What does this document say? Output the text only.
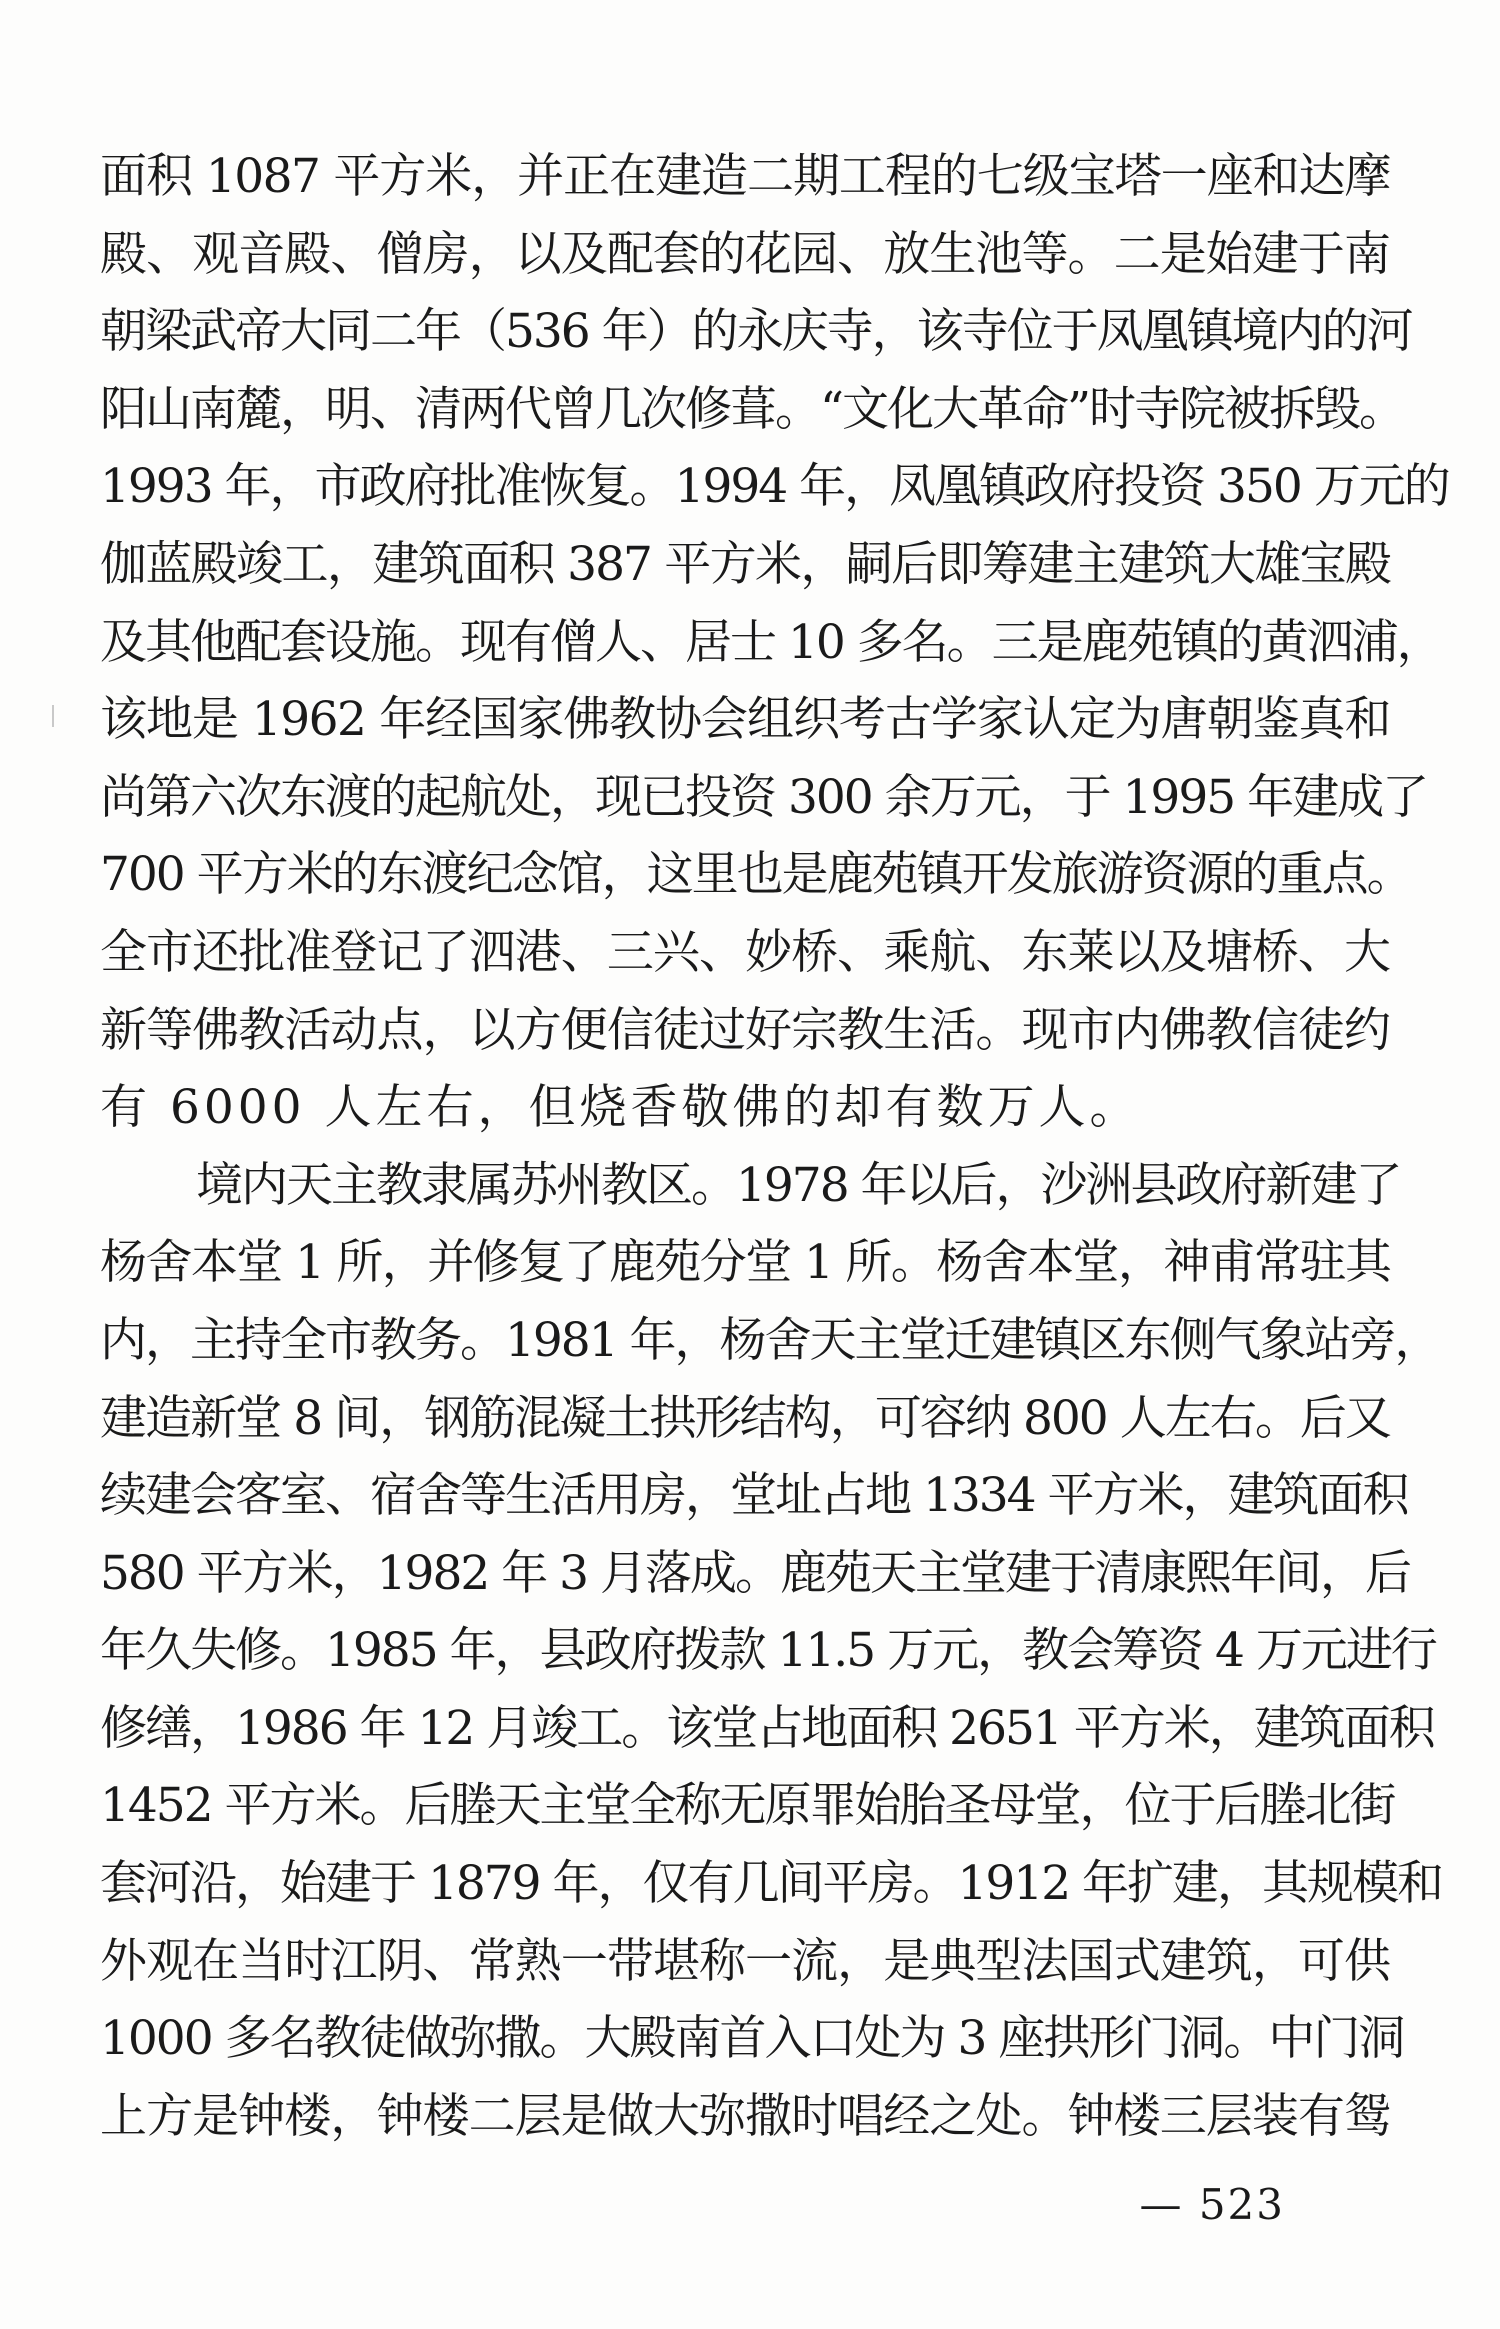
面积 1087 平方米，并正在建造二期工程的七级宝塔一座和达摩
殿、观音殿、僧房，以及配套的花园、放生池等。二是始建于南
朝梁武帝大同二年（536 年）的永庆寺，该寺位于凤凰镇境内的河
阳山南麓，明、清两代曾几次修葺。“文化大革命”时寺院被拆毁。
1993 年，市政府批准恢复。1994 年，凤凰镇政府投资 350 万元的
伽蓝殿竣工，建筑面积 387 平方米，嗣后即筹建主建筑大雄宝殿
及其他配套设施。现有僧人、居士 10 多名。三是鹿苑镇的黄泗浦，
该地是 1962 年经国家佛教协会组织考古学家认定为唐朝鉴真和
尚第六次东渡的起航处，现已投资 300 余万元，于 1995 年建成了
700 平方米的东渡纪念馆，这里也是鹿苑镇开发旅游资源的重点。
全市还批准登记了泗港、三兴、妙桥、乘航、东莱以及塘桥、大
新等佛教活动点，以方便信徒过好宗教生活。现市内佛教信徒约
有 6000 人左右，但烧香敬佛的却有数万人。
境内天主教隶属苏州教区。1978 年以后，沙洲县政府新建了
杨舍本堂 1 所，并修复了鹿苑分堂 1 所。杨舍本堂，神甫常驻其
内，主持全市教务。1981 年，杨舍天主堂迁建镇区东侧气象站旁，
建造新堂 8 间，钢筋混凝土拱形结构，可容纳 800 人左右。后又
续建会客室、宿舍等生活用房，堂址占地 1334 平方米，建筑面积
580 平方米，1982 年 3 月落成。鹿苑天主堂建于清康熙年间，后
年久失修。1985 年，县政府拨款 11.5 万元，教会筹资 4 万元进行
修缮，1986 年 12 月竣工。该堂占地面积 2651 平方米，建筑面积
1452 平方米。后塍天主堂全称无原罪始胎圣母堂，位于后塍北街
套河沿，始建于 1879 年，仅有几间平房。1912 年扩建，其规模和
外观在当时江阴、常熟一带堪称一流，是典型法国式建筑，可供
1000 多名教徒做弥撒。大殿南首入口处为 3 座拱形门洞。中门洞
上方是钟楼，钟楼二层是做大弥撒时唱经之处。钟楼三层装有鸳
— 523
